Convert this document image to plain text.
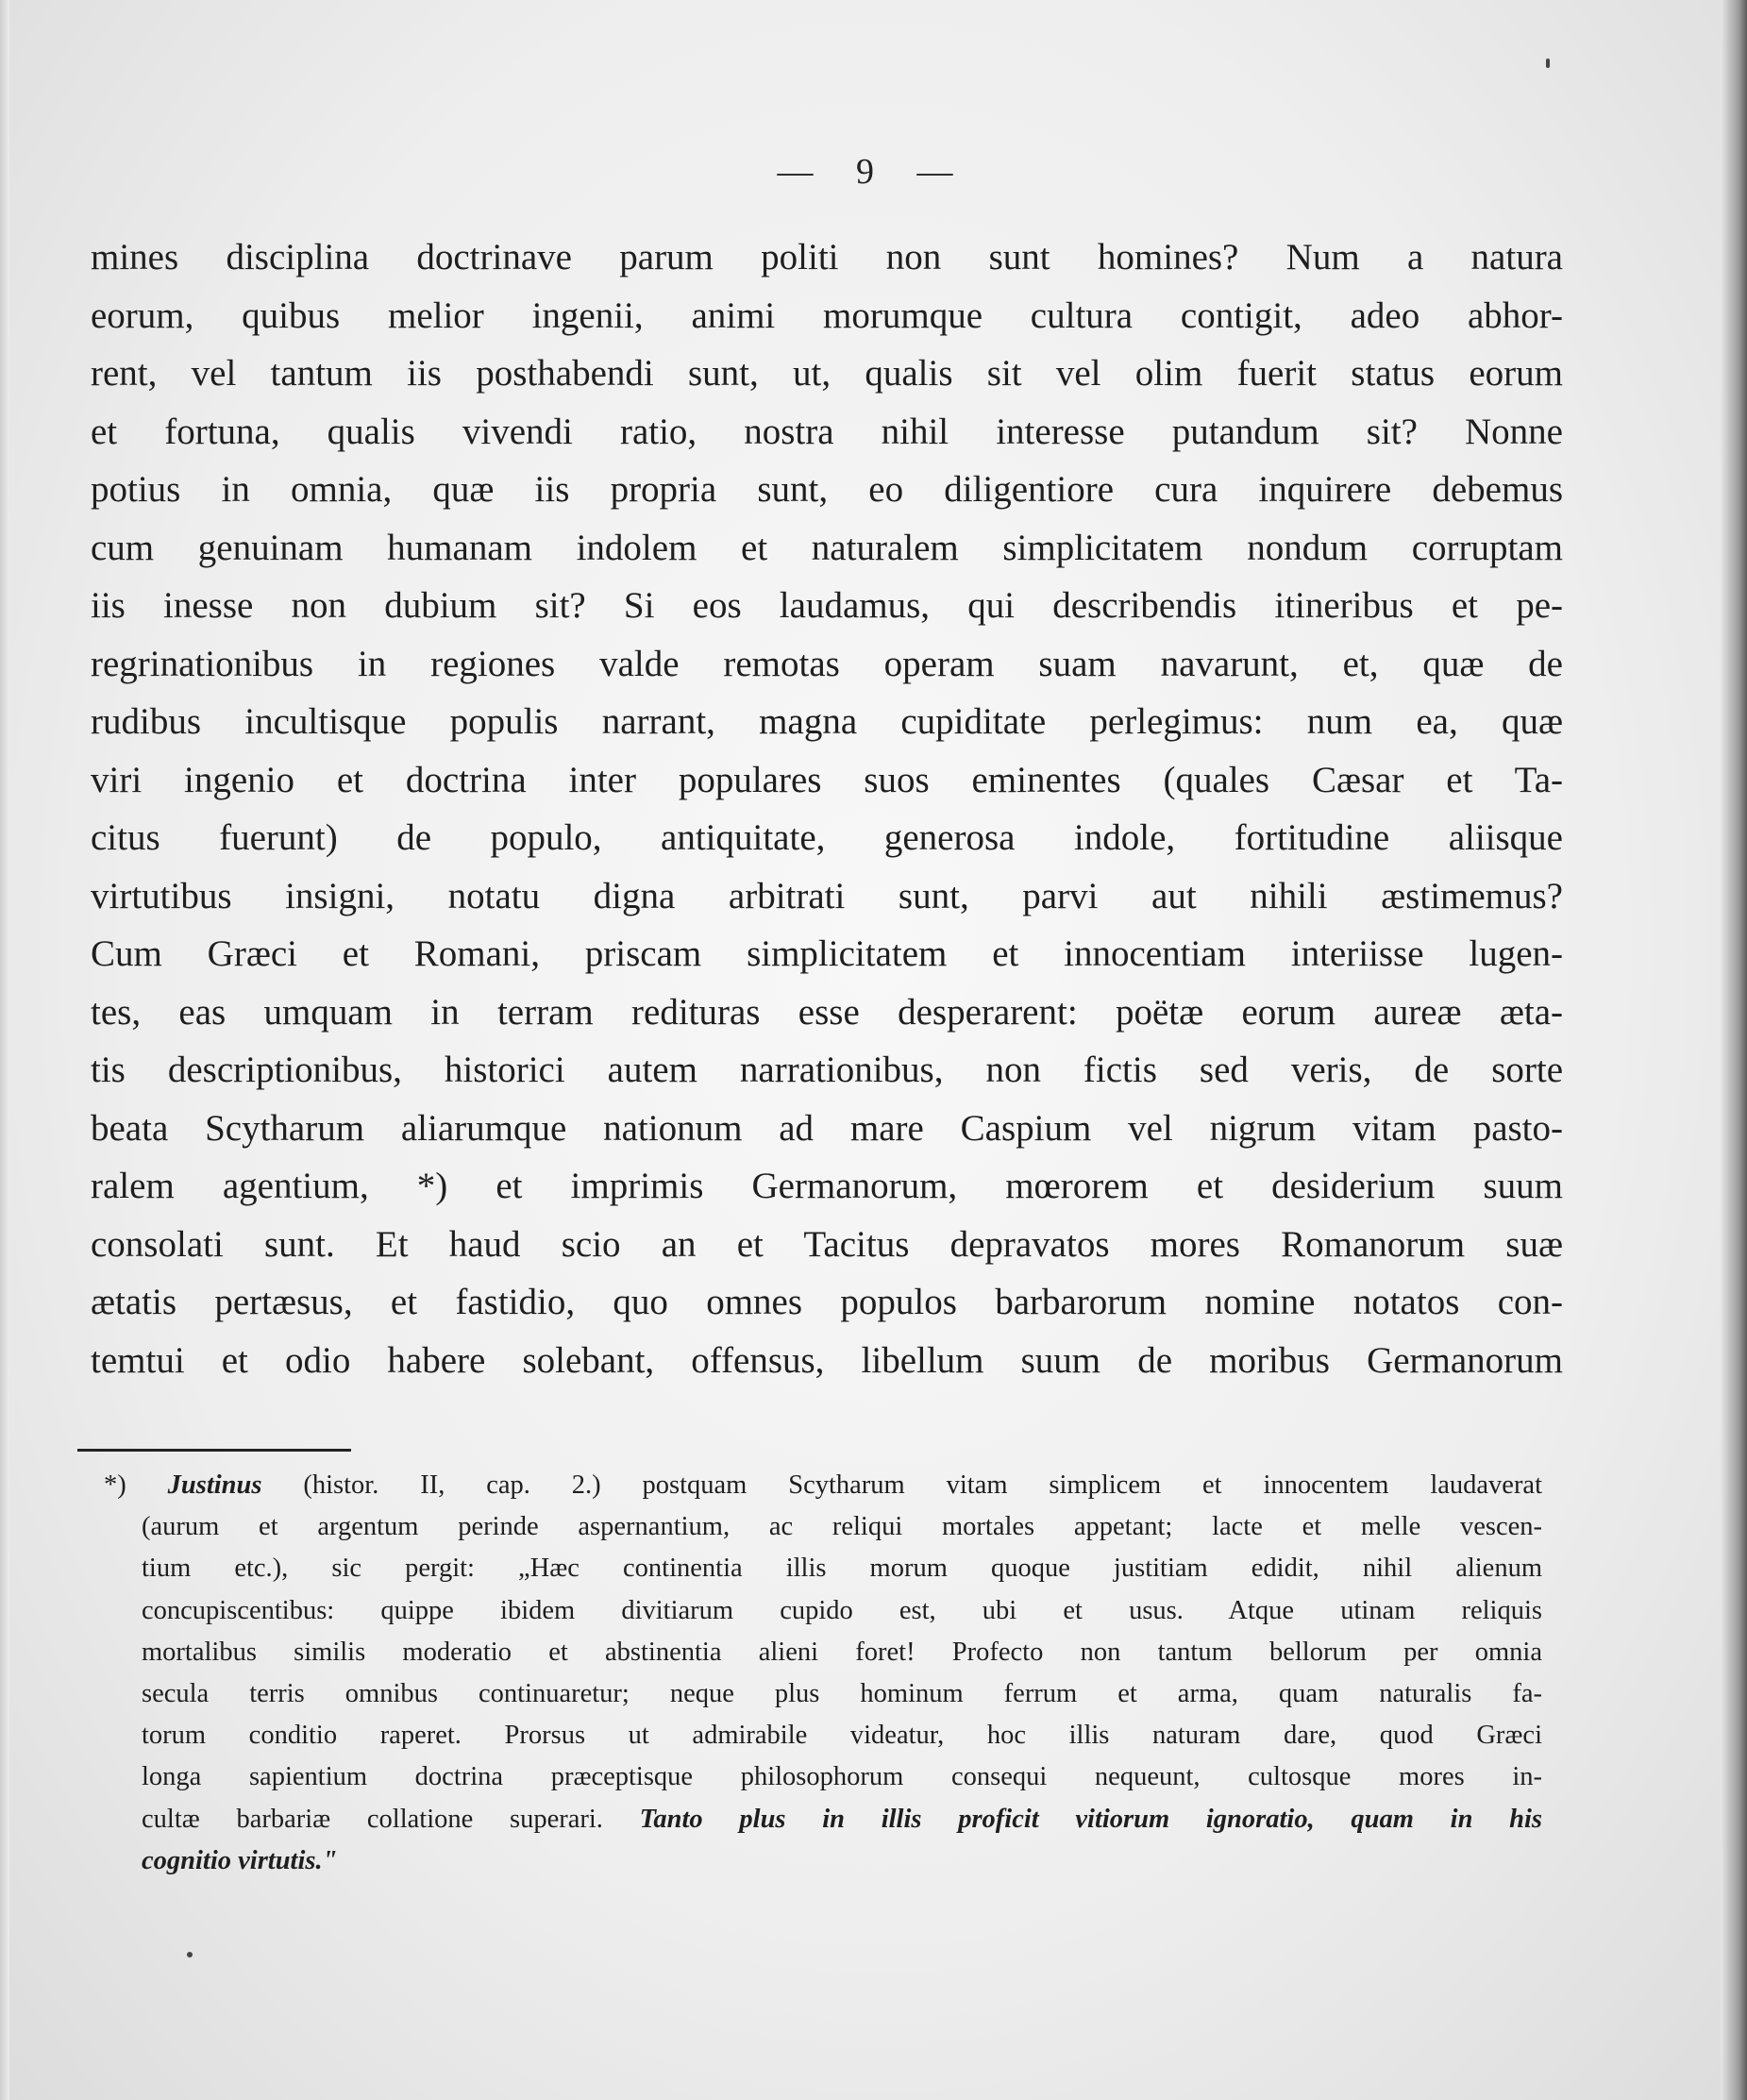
— 9 —
mines disciplina doctrinave parum politi non sunt homines? Num a natura
eorum, quibus melior ingenii, animi morumque cultura contigit, adeo abhor-
rent, vel tantum iis posthabendi sunt, ut, qualis sit vel olim fuerit status eorum
et fortuna, qualis vivendi ratio, nostra nihil interesse putandum sit? Nonne
potius in omnia, quæ iis propria sunt, eo diligentiore cura inquirere debemus
cum genuinam humanam indolem et naturalem simplicitatem nondum corruptam
iis inesse non dubium sit? Si eos laudamus, qui describendis itineribus et pe-
regrinationibus in regiones valde remotas operam suam navarunt, et, quæ de
rudibus incultisque populis narrant, magna cupiditate perlegimus: num ea, quæ
viri ingenio et doctrina inter populares suos eminentes (quales Cæsar et Ta-
citus fuerunt) de populo, antiquitate, generosa indole, fortitudine aliisque
virtutibus insigni, notatu digna arbitrati sunt, parvi aut nihili æstimemus?
Cum Græci et Romani, priscam simplicitatem et innocentiam interiisse lugen-
tes, eas umquam in terram redituras esse desperarent: poëtæ eorum aureæ æta-
tis descriptionibus, historici autem narrationibus, non fictis sed veris, de sorte
beata Scytharum aliarumque nationum ad mare Caspium vel nigrum vitam pasto-
ralem agentium, *) et imprimis Germanorum, mœrorem et desiderium suum
consolati sunt. Et haud scio an et Tacitus depravatos mores Romanorum suæ
ætatis pertæsus, et fastidio, quo omnes populos barbarorum nomine notatos con-
temtui et odio habere solebant, offensus, libellum suum de moribus Germanorum
*) Justinus (histor. II, cap. 2.) postquam Scytharum vitam simplicem et innocentem laudaverat
(aurum et argentum perinde aspernantium, ac reliqui mortales appetant; lacte et melle vescen-
tium etc.), sic pergit: „Hæc continentia illis morum quoque justitiam edidit, nihil alienum
concupiscentibus: quippe ibidem divitiarum cupido est, ubi et usus. Atque utinam reliquis
mortalibus similis moderatio et abstinentia alieni foret! Profecto non tantum bellorum per omnia
secula terris omnibus continuaretur; neque plus hominum ferrum et arma, quam naturalis fa-
torum conditio raperet. Prorsus ut admirabile videatur, hoc illis naturam dare, quod Græci
longa sapientium doctrina præceptisque philosophorum consequi nequeunt, cultosque mores in-
cultæ barbariæ collatione superari. Tanto plus in illis proficit vitiorum ignoratio, quam in his
cognitio virtutis."
